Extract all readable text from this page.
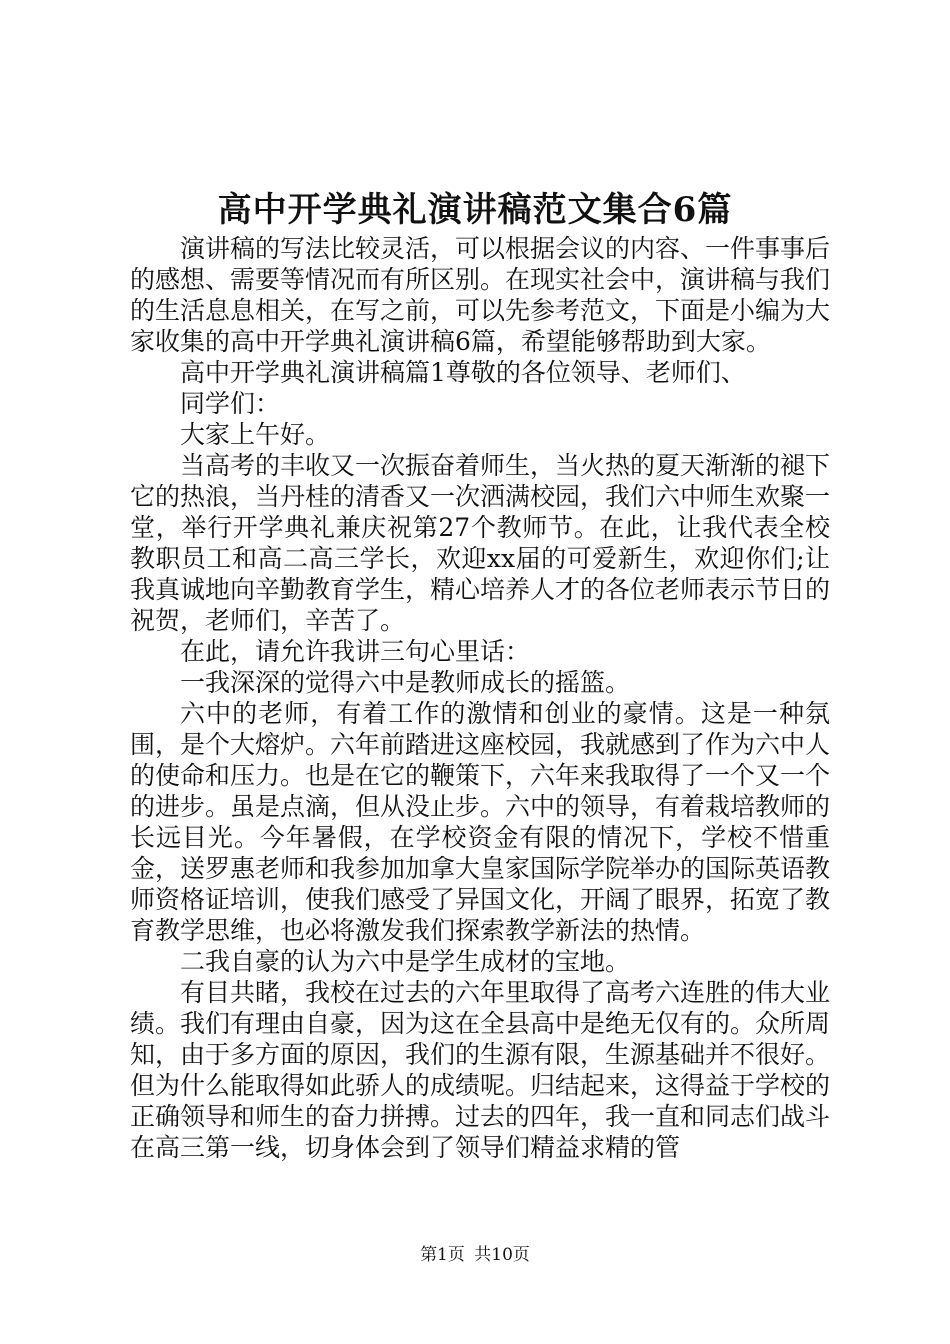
高中开学典礼演讲稿范文集合6篇

演讲稿的写法比较灵活，可以根据会议的内容、一件事事后的感想、需要等情况而有所区别。在现实社会中，演讲稿与我们的生活息息相关，在写之前，可以先参考范文，下面是小编为大家收集的高中开学典礼演讲稿6篇，希望能够帮助到大家。

高中开学典礼演讲稿篇1尊敬的各位领导、老师们、

同学们：

大家上午好。

当高考的丰收又一次振奋着师生，当火热的夏天渐渐的褪下它的热浪，当丹桂的清香又一次洒满校园，我们六中师生欢聚一堂，举行开学典礼兼庆祝第27个教师节。在此，让我代表全校教职员工和高二高三学长，欢迎xx届的可爱新生，欢迎你们;让我真诚地向辛勤教育学生，精心培养人才的各位老师表示节日的祝贺，老师们，辛苦了。

在此，请允许我讲三句心里话：

一我深深的觉得六中是教师成长的摇篮。

六中的老师，有着工作的激情和创业的豪情。这是一种氛围，是个大熔炉。六年前踏进这座校园，我就感到了作为六中人的使命和压力。也是在它的鞭策下，六年来我取得了一个又一个的进步。虽是点滴，但从没止步。六中的领导，有着栽培教师的长远目光。今年暑假，在学校资金有限的情况下，学校不惜重金，送罗惠老师和我参加加拿大皇家国际学院举办的国际英语教师资格证培训，使我们感受了异国文化，开阔了眼界，拓宽了教育教学思维，也必将激发我们探索教学新法的热情。

二我自豪的认为六中是学生成材的宝地。

有目共睹，我校在过去的六年里取得了高考六连胜的伟大业绩。我们有理由自豪，因为这在全县高中是绝无仅有的。众所周知，由于多方面的原因，我们的生源有限，生源基础并不很好。但为什么能取得如此骄人的成绩呢。归结起来，这得益于学校的正确领导和师生的奋力拼搏。过去的四年，我一直和同志们战斗在高三第一线，切身体会到了领导们精益求精的管

第1页 共10页
